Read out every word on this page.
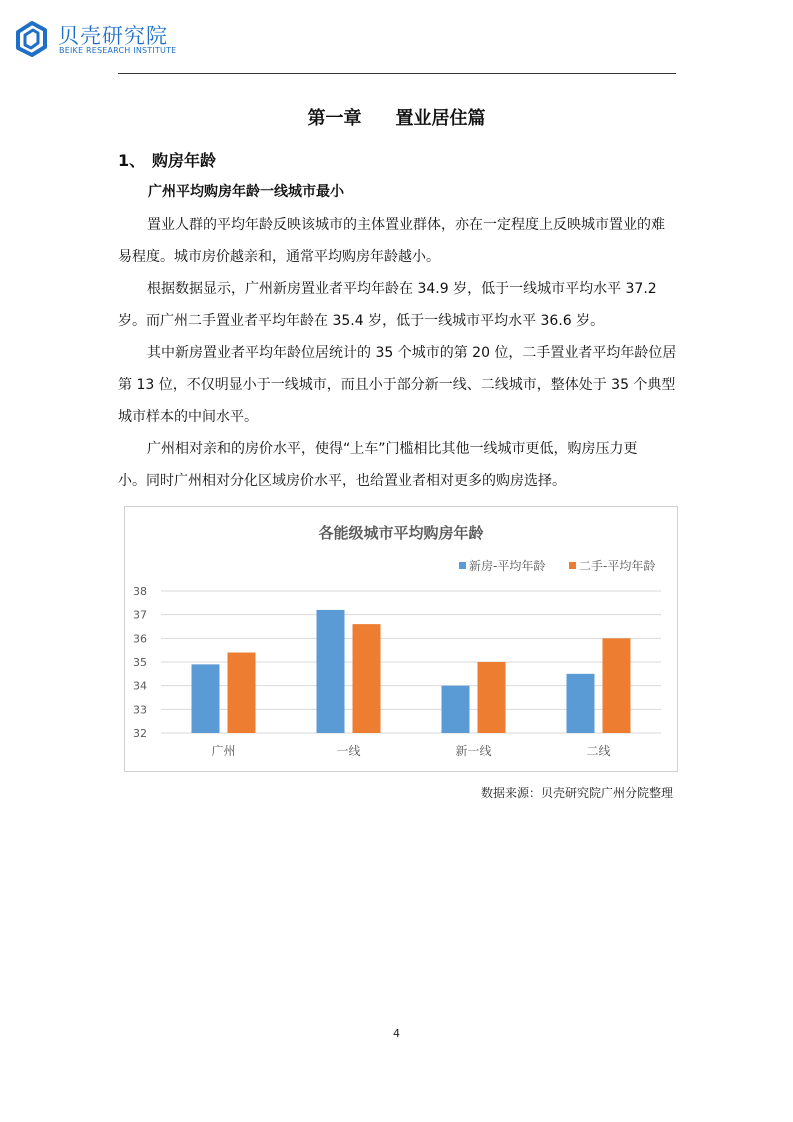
贝壳研究院
BEIKE RESEARCH INSTITUTE
第一章 置业居住篇
1、 购房年龄
广州平均购房年龄一线城市最小
置业人群的平均年龄反映该城市的主体置业群体，亦在一定程度上反映城市置业的难
易程度。城市房价越亲和，通常平均购房年龄越小。
根据数据显示，广州新房置业者平均年龄在 34.9 岁，低于一线城市平均水平 37.2
岁。而广州二手置业者平均年龄在 35.4 岁，低于一线城市平均水平 36.6 岁。
其中新房置业者平均年龄位居统计的 35 个城市的第 20 位，二手置业者平均年龄位居
第 13 位，不仅明显小于一线城市，而且小于部分新一线、二线城市，整体处于 35 个典型
城市样本的中间水平。
广州相对亲和的房价水平，使得“上车”门槛相比其他一线城市更低，购房压力更
小。同时广州相对分化区域房价水平，也给置业者相对更多的购房选择。
各能级城市平均购房年龄
新房-平均年龄	二手-平均年龄
32
33
34
35
36
37
38
广州	一线	新一线	二线
数据来源：贝壳研究院广州分院整理
4
